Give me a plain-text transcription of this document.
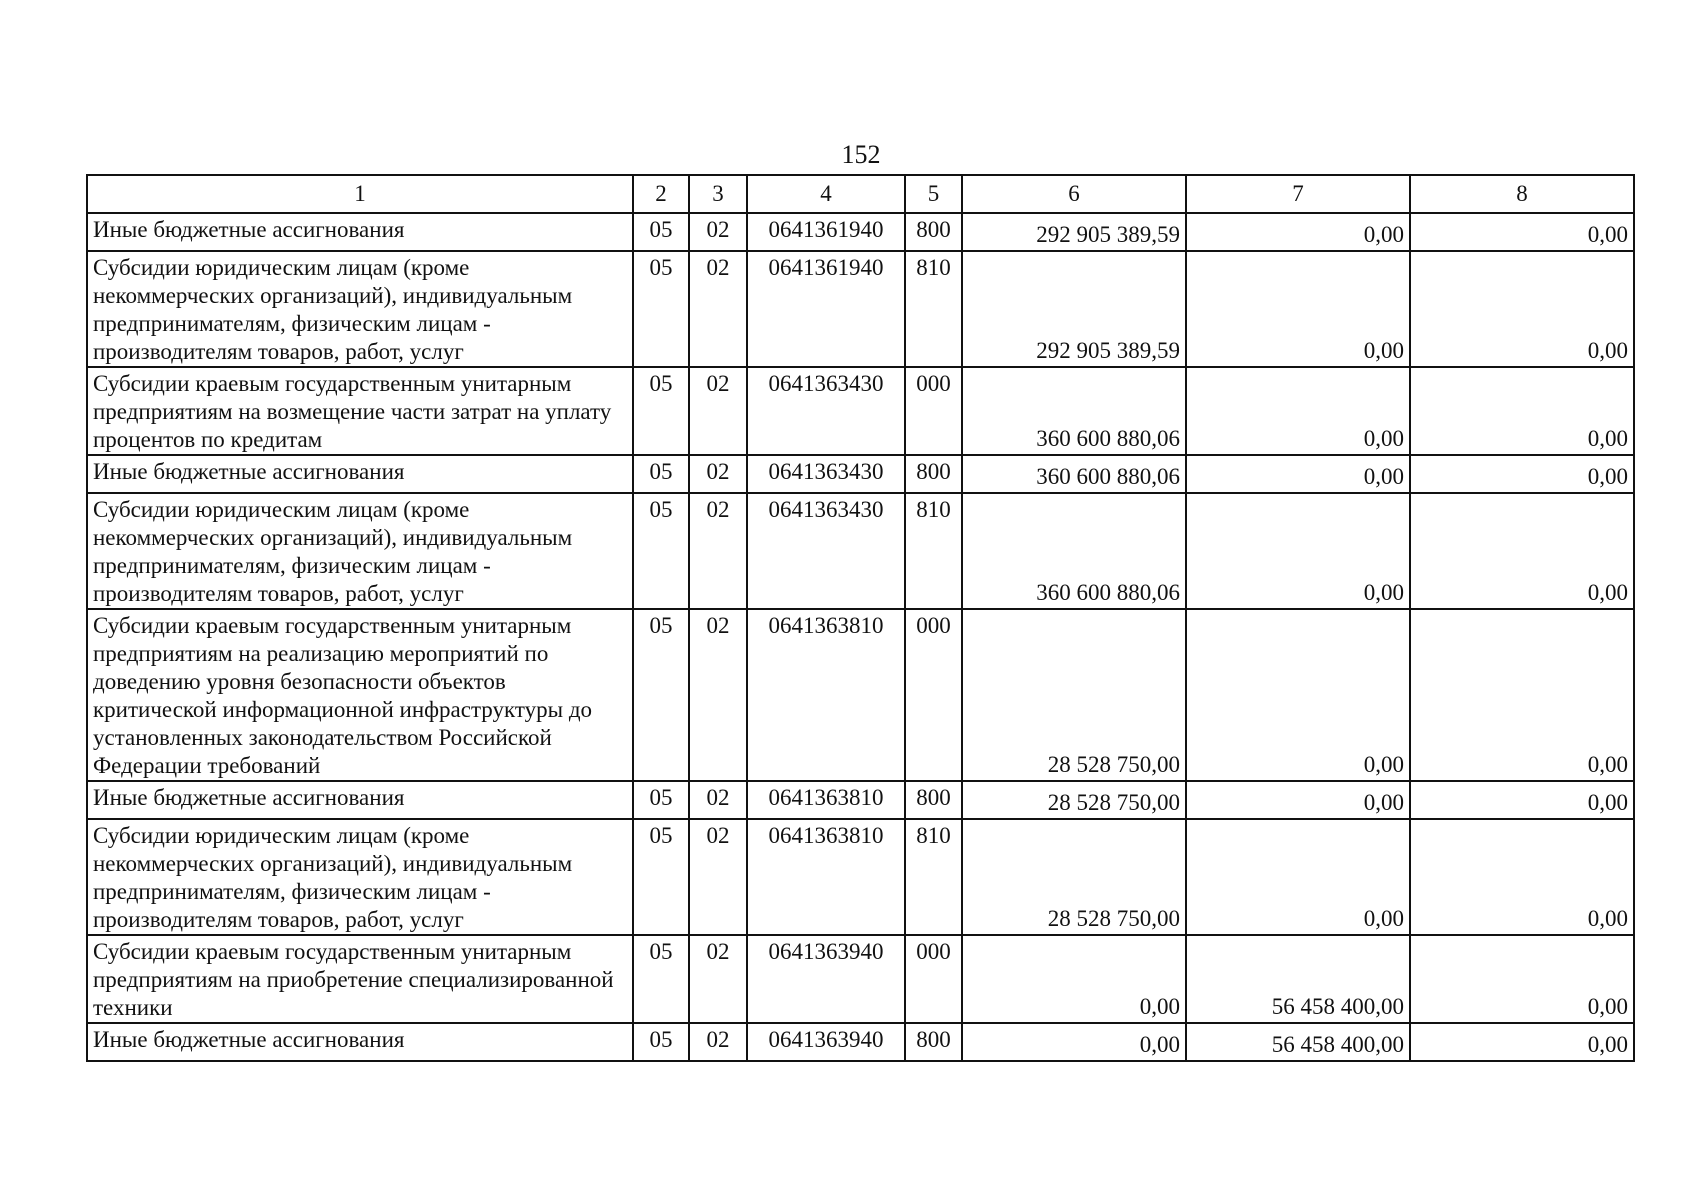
152
1	2	3	4	5	6	7	8
Иные бюджетные ассигнования	05	02	0641361940	800	292 905 389,59	0,00	0,00
Субсидии юридическим лицам (кроме некоммерческих организаций), индивидуальным предпринимателям, физическим лицам - производителям товаров, работ, услуг	05	02	0641361940	810	292 905 389,59	0,00	0,00
Субсидии краевым государственным унитарным предприятиям на возмещение части затрат на уплату процентов по кредитам	05	02	0641363430	000	360 600 880,06	0,00	0,00
Иные бюджетные ассигнования	05	02	0641363430	800	360 600 880,06	0,00	0,00
Субсидии юридическим лицам (кроме некоммерческих организаций), индивидуальным предпринимателям, физическим лицам - производителям товаров, работ, услуг	05	02	0641363430	810	360 600 880,06	0,00	0,00
Субсидии краевым государственным унитарным предприятиям на реализацию мероприятий по доведению уровня безопасности объектов критической информационной инфраструктуры до установленных законодательством Российской Федерации требований	05	02	0641363810	000	28 528 750,00	0,00	0,00
Иные бюджетные ассигнования	05	02	0641363810	800	28 528 750,00	0,00	0,00
Субсидии юридическим лицам (кроме некоммерческих организаций), индивидуальным предпринимателям, физическим лицам - производителям товаров, работ, услуг	05	02	0641363810	810	28 528 750,00	0,00	0,00
Субсидии краевым государственным унитарным предприятиям на приобретение специализированной техники	05	02	0641363940	000	0,00	56 458 400,00	0,00
Иные бюджетные ассигнования	05	02	0641363940	800	0,00	56 458 400,00	0,00
